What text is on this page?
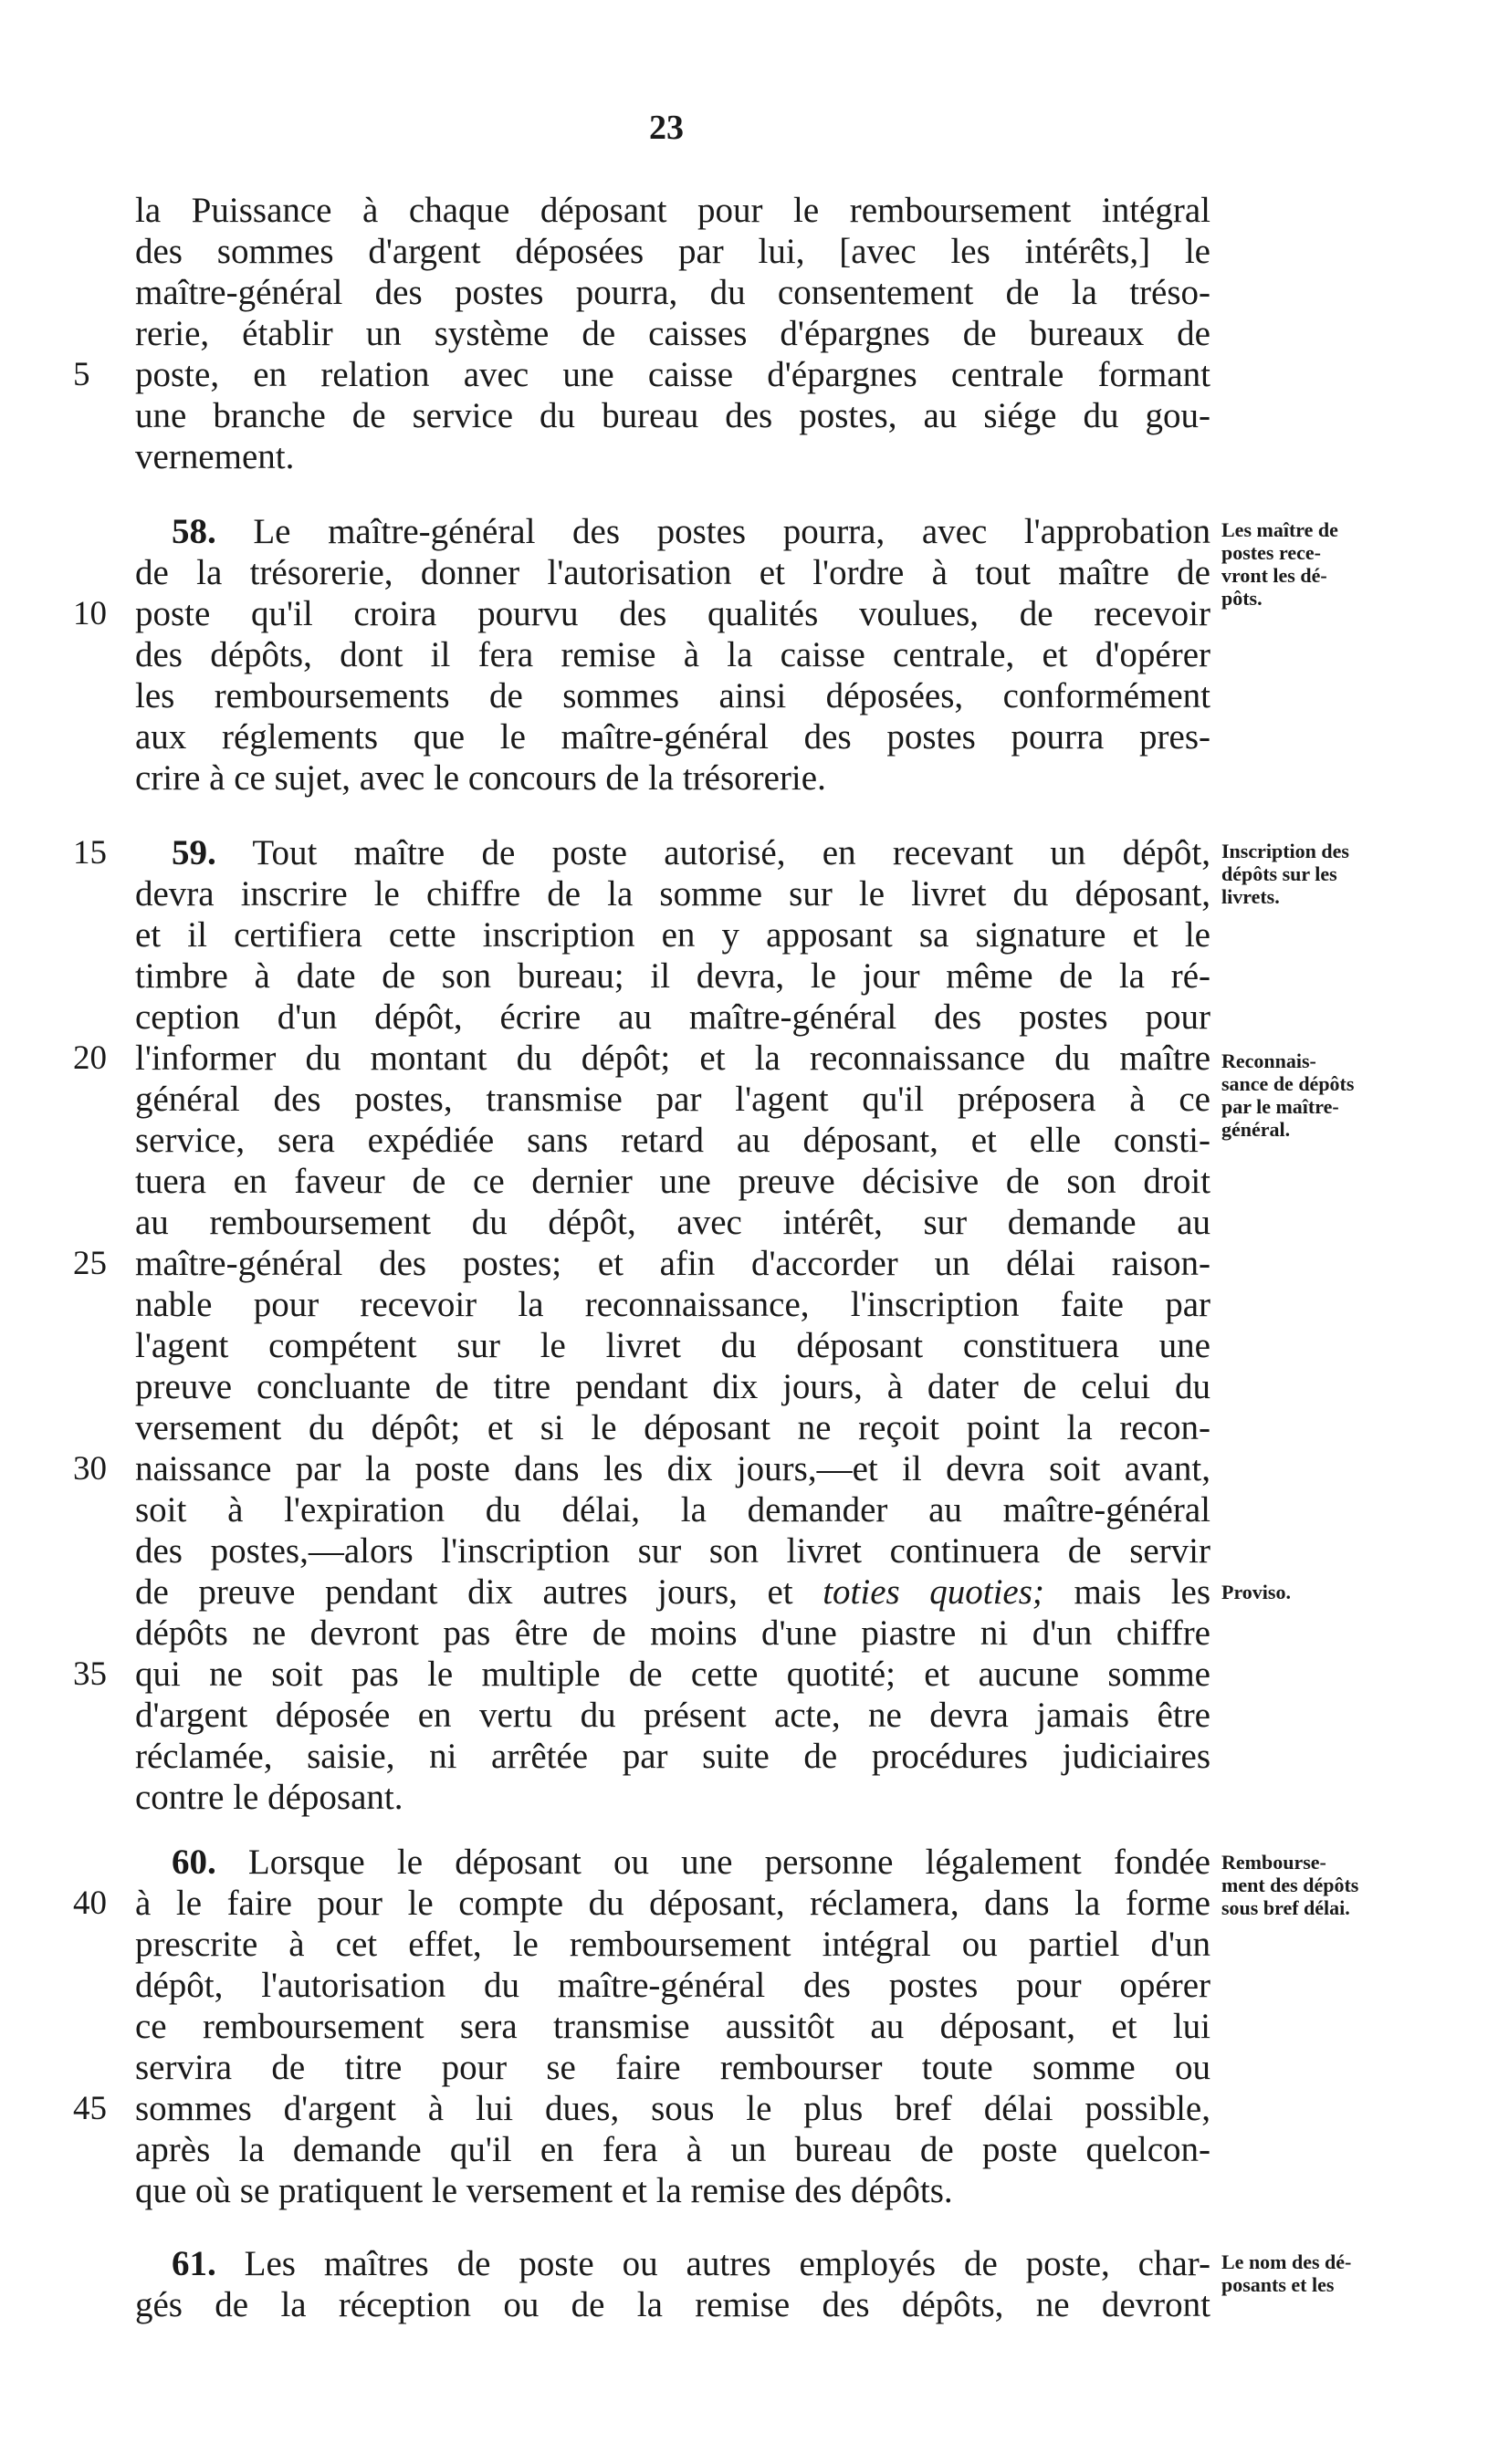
23
la Puissance à chaque déposant pour le remboursement intégral
des sommes d'argent déposées par lui, [avec les intérêts,] le
maître-général des postes pourra, du consentement de la tréso-
rerie, établir un système de caisses d'épargnes de bureaux de
poste, en relation avec une caisse d'épargnes centrale formant
une branche de service du bureau des postes, au siége du gou-
vernement.
58. Le maître-général des postes pourra, avec l'approbation
de la trésorerie, donner l'autorisation et l'ordre à tout maître de
poste qu'il croira pourvu des qualités voulues, de recevoir
des dépôts, dont il fera remise à la caisse centrale, et d'opérer
les remboursements de sommes ainsi déposées, conformément
aux réglements que le maître-général des postes pourra pres-
crire à ce sujet, avec le concours de la trésorerie.
59. Tout maître de poste autorisé, en recevant un dépôt,
devra inscrire le chiffre de la somme sur le livret du déposant,
et il certifiera cette inscription en y apposant sa signature et le
timbre à date de son bureau; il devra, le jour même de la ré-
ception d'un dépôt, écrire au maître-général des postes pour
l'informer du montant du dépôt; et la reconnaissance du maître
général des postes, transmise par l'agent qu'il préposera à ce
service, sera expédiée sans retard au déposant, et elle consti-
tuera en faveur de ce dernier une preuve décisive de son droit
au remboursement du dépôt, avec intérêt, sur demande au
maître-général des postes; et afin d'accorder un délai raison-
nable pour recevoir la reconnaissance, l'inscription faite par
l'agent compétent sur le livret du déposant constituera une
preuve concluante de titre pendant dix jours, à dater de celui du
versement du dépôt; et si le déposant ne reçoit point la recon-
naissance par la poste dans les dix jours,—et il devra soit avant,
soit à l'expiration du délai, la demander au maître-général
des postes,—alors l'inscription sur son livret continuera de servir
de preuve pendant dix autres jours, et toties quoties; mais les
dépôts ne devront pas être de moins d'une piastre ni d'un chiffre
qui ne soit pas le multiple de cette quotité; et aucune somme
d'argent déposée en vertu du présent acte, ne devra jamais être
réclamée, saisie, ni arrêtée par suite de procédures judiciaires
contre le déposant.
60. Lorsque le déposant ou une personne légalement fondée
à le faire pour le compte du déposant, réclamera, dans la forme
prescrite à cet effet, le remboursement intégral ou partiel d'un
dépôt, l'autorisation du maître-général des postes pour opérer
ce remboursement sera transmise aussitôt au déposant, et lui
servira de titre pour se faire rembourser toute somme ou
sommes d'argent à lui dues, sous le plus bref délai possible,
après la demande qu'il en fera à un bureau de poste quelcon-
que où se pratiquent le versement et la remise des dépôts.
61. Les maîtres de poste ou autres employés de poste, char-
gés de la réception ou de la remise des dépôts, ne devront
5
10
15
20
25
30
35
40
45
Les maître de
postes rece-
vront les dé-
pôts.
Inscription des
dépôts sur les
livrets.
Reconnais-
sance de dépôts
par le maître-
général.
Proviso.
Rembourse-
ment des dépôts
sous bref délai.
Le nom des dé-
posants et les
